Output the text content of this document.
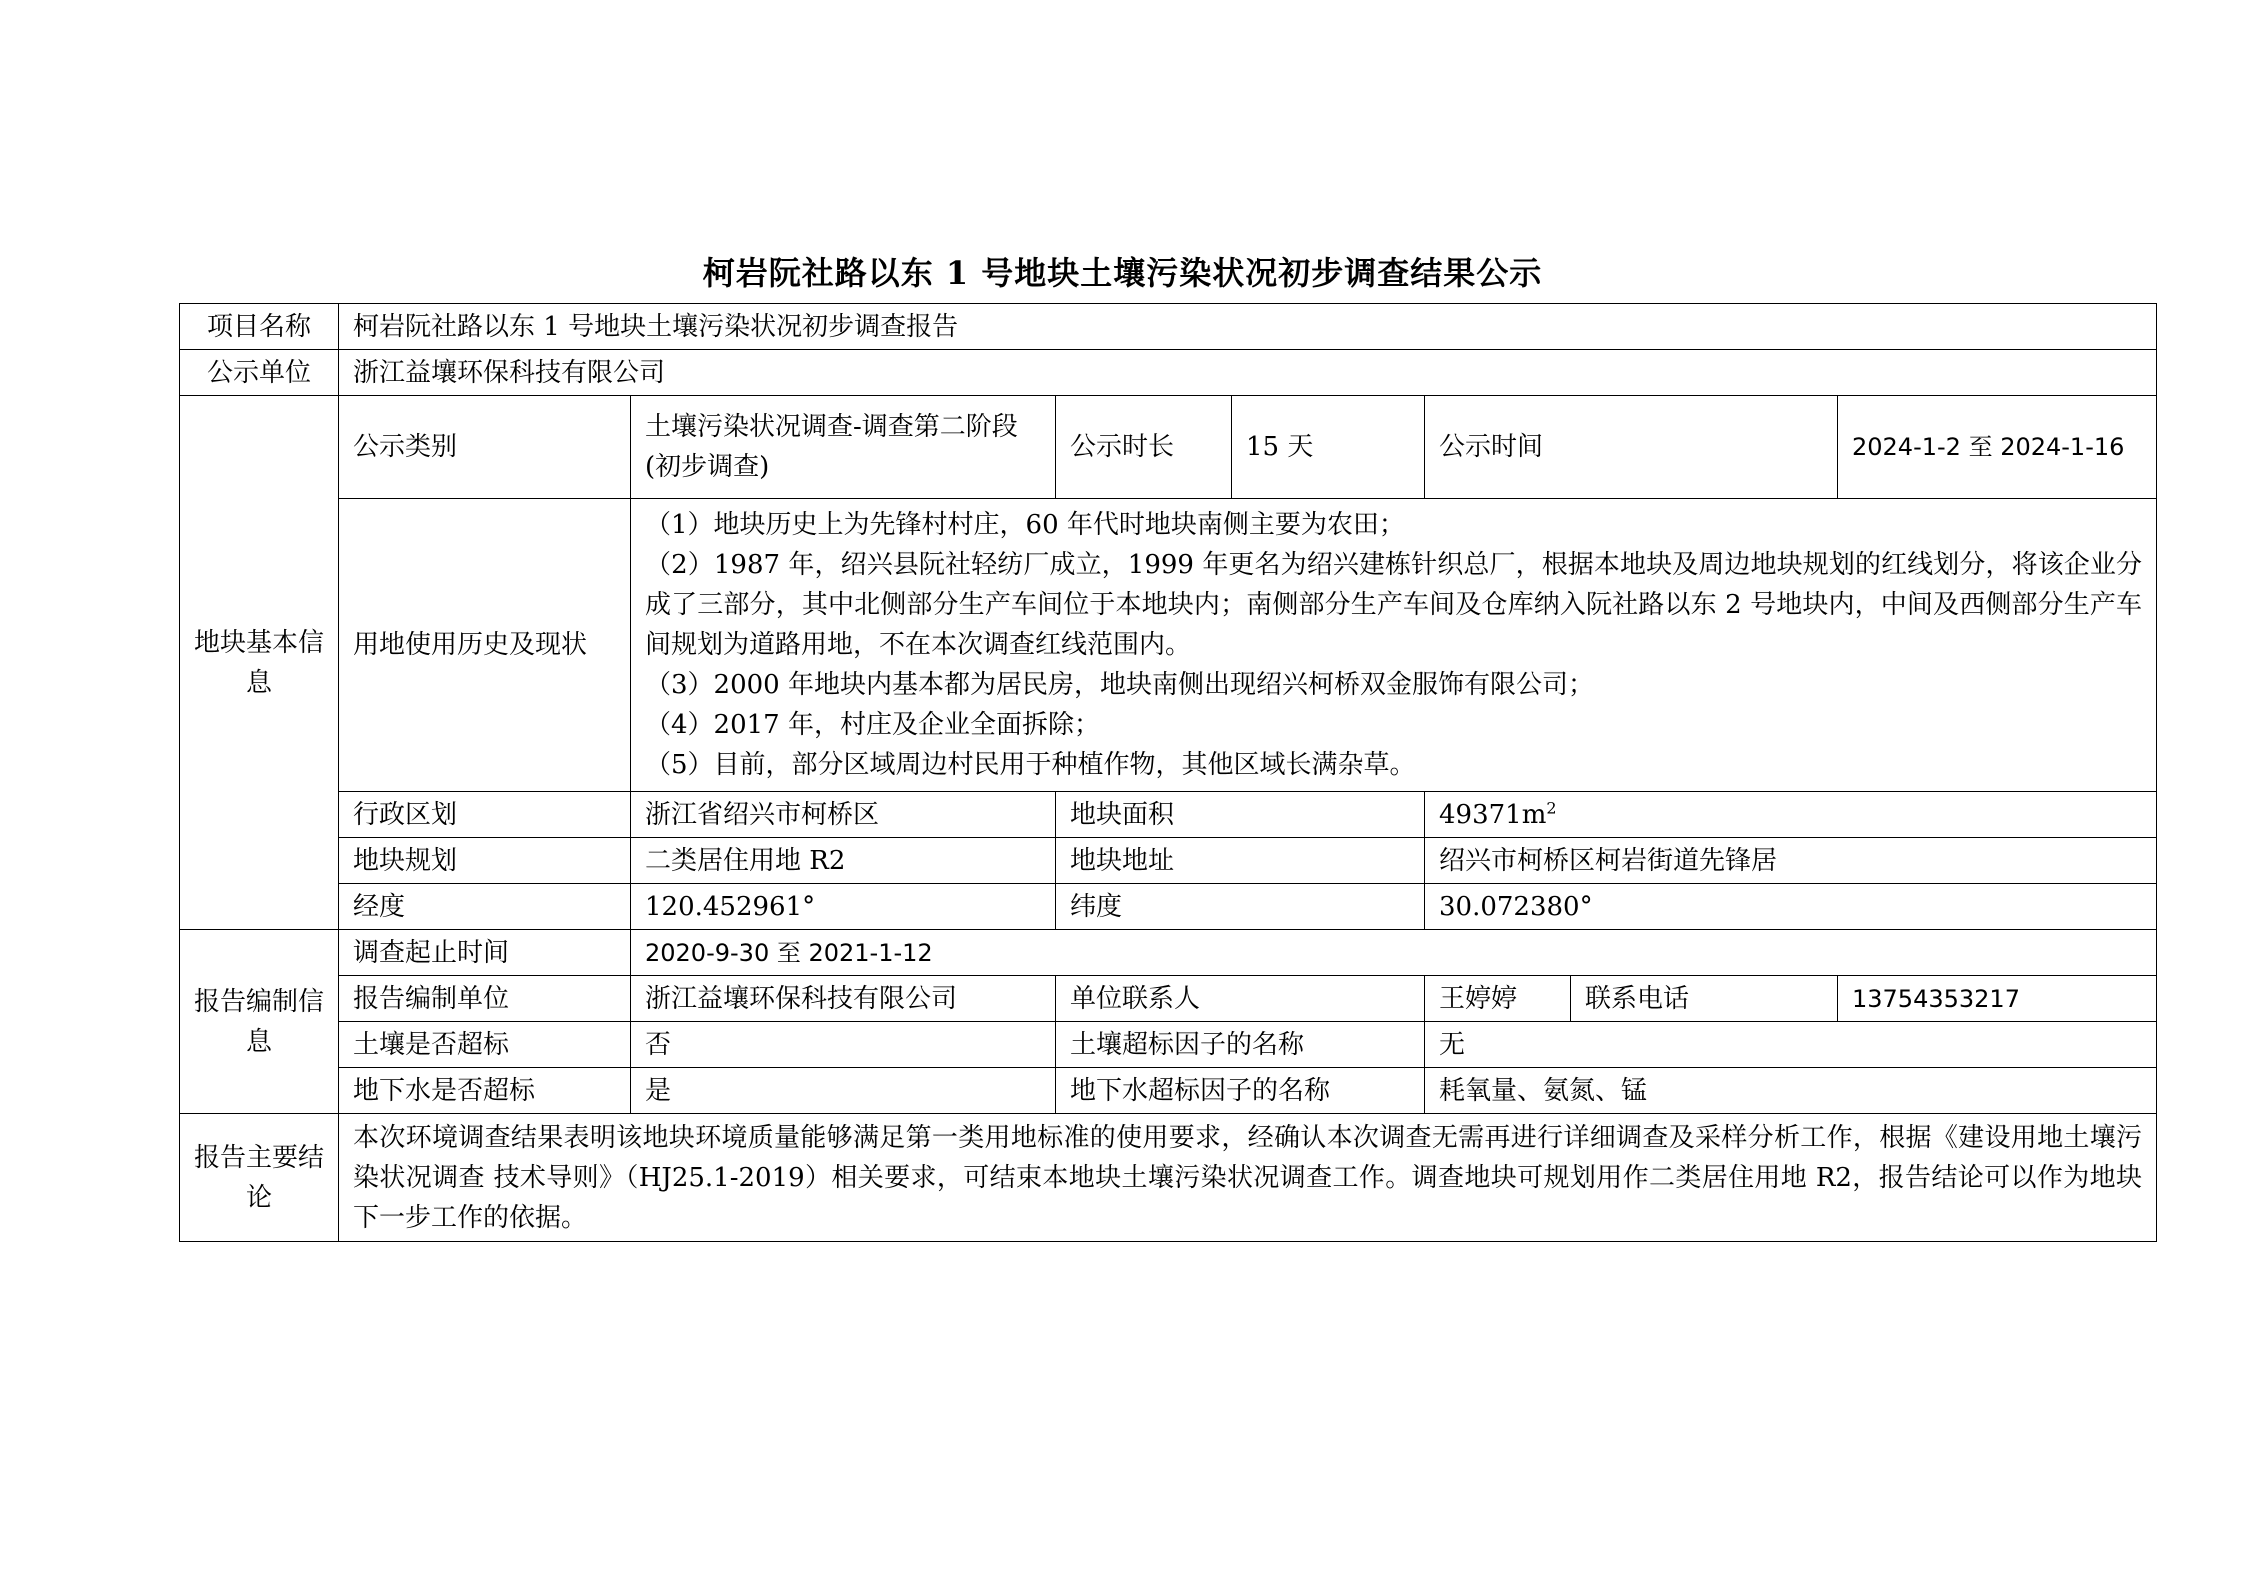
柯岩阮社路以东 1 号地块土壤污染状况初步调查结果公示
项目名称	柯岩阮社路以东 1 号地块土壤污染状况初步调查报告						
公示单位	浙江益壤环保科技有限公司						
地块基本信息	公示类别	土壤污染状况调查-调查第二阶段(初步调查)	公示时长	15 天	公示时间		2024-1-2 至 2024-1-16
	用地使用历史及现状	（1）地块历史上为先锋村村庄，60 年代时地块南侧主要为农田；

（2）1987 年，绍兴县阮社轻纺厂成立，1999 年更名为绍兴建栋针织总厂，根据本地块及周边地块规划的红线划分，将该企业分成了三部分，其中北侧部分生产车间位于本地块内；南侧部分生产车间及仓库纳入阮社路以东 2 号地块内，中间及西侧部分生产车间规划为道路用地，不在本次调查红线范围内。

（3）2000 年地块内基本都为居民房，地块南侧出现绍兴柯桥双金服饰有限公司；

（4）2017 年，村庄及企业全面拆除；

（5）目前，部分区域周边村民用于种植作物，其他区域长满杂草。					

	行政区划	浙江省绍兴市柯桥区	地块面积		$49371m^2$
	地块规划	二类居住用地 R2	地块地址		绍兴市柯桥区柯岩街道先锋居		
	经度	120.452961°	纬度		30.072380°		
报告编制信息	调查起止时间	2020-9-30 至 2021-1-12					
	报告编制单位	浙江益壤环保科技有限公司	单位联系人		王婷婷	联系电话	13754353217
	土壤是否超标	否	土壤超标因子的名称		无		
	地下水是否超标	是	地下水超标因子的名称		耗氧量、氨氮、锰		
报告主要结论	本次环境调查结果表明该地块环境质量能够满足第一类用地标准的使用要求，经确认本次调查无需再进行详细调查及采样分析工作，根据《建设用地土壤污染状况调查 技术导则》（HJ25.1-2019）相关要求，可结束本地块土壤污染状况调查工作。调查地块可规划用作二类居住用地 R2，报告结论可以作为地块下一步工作的依据。						
